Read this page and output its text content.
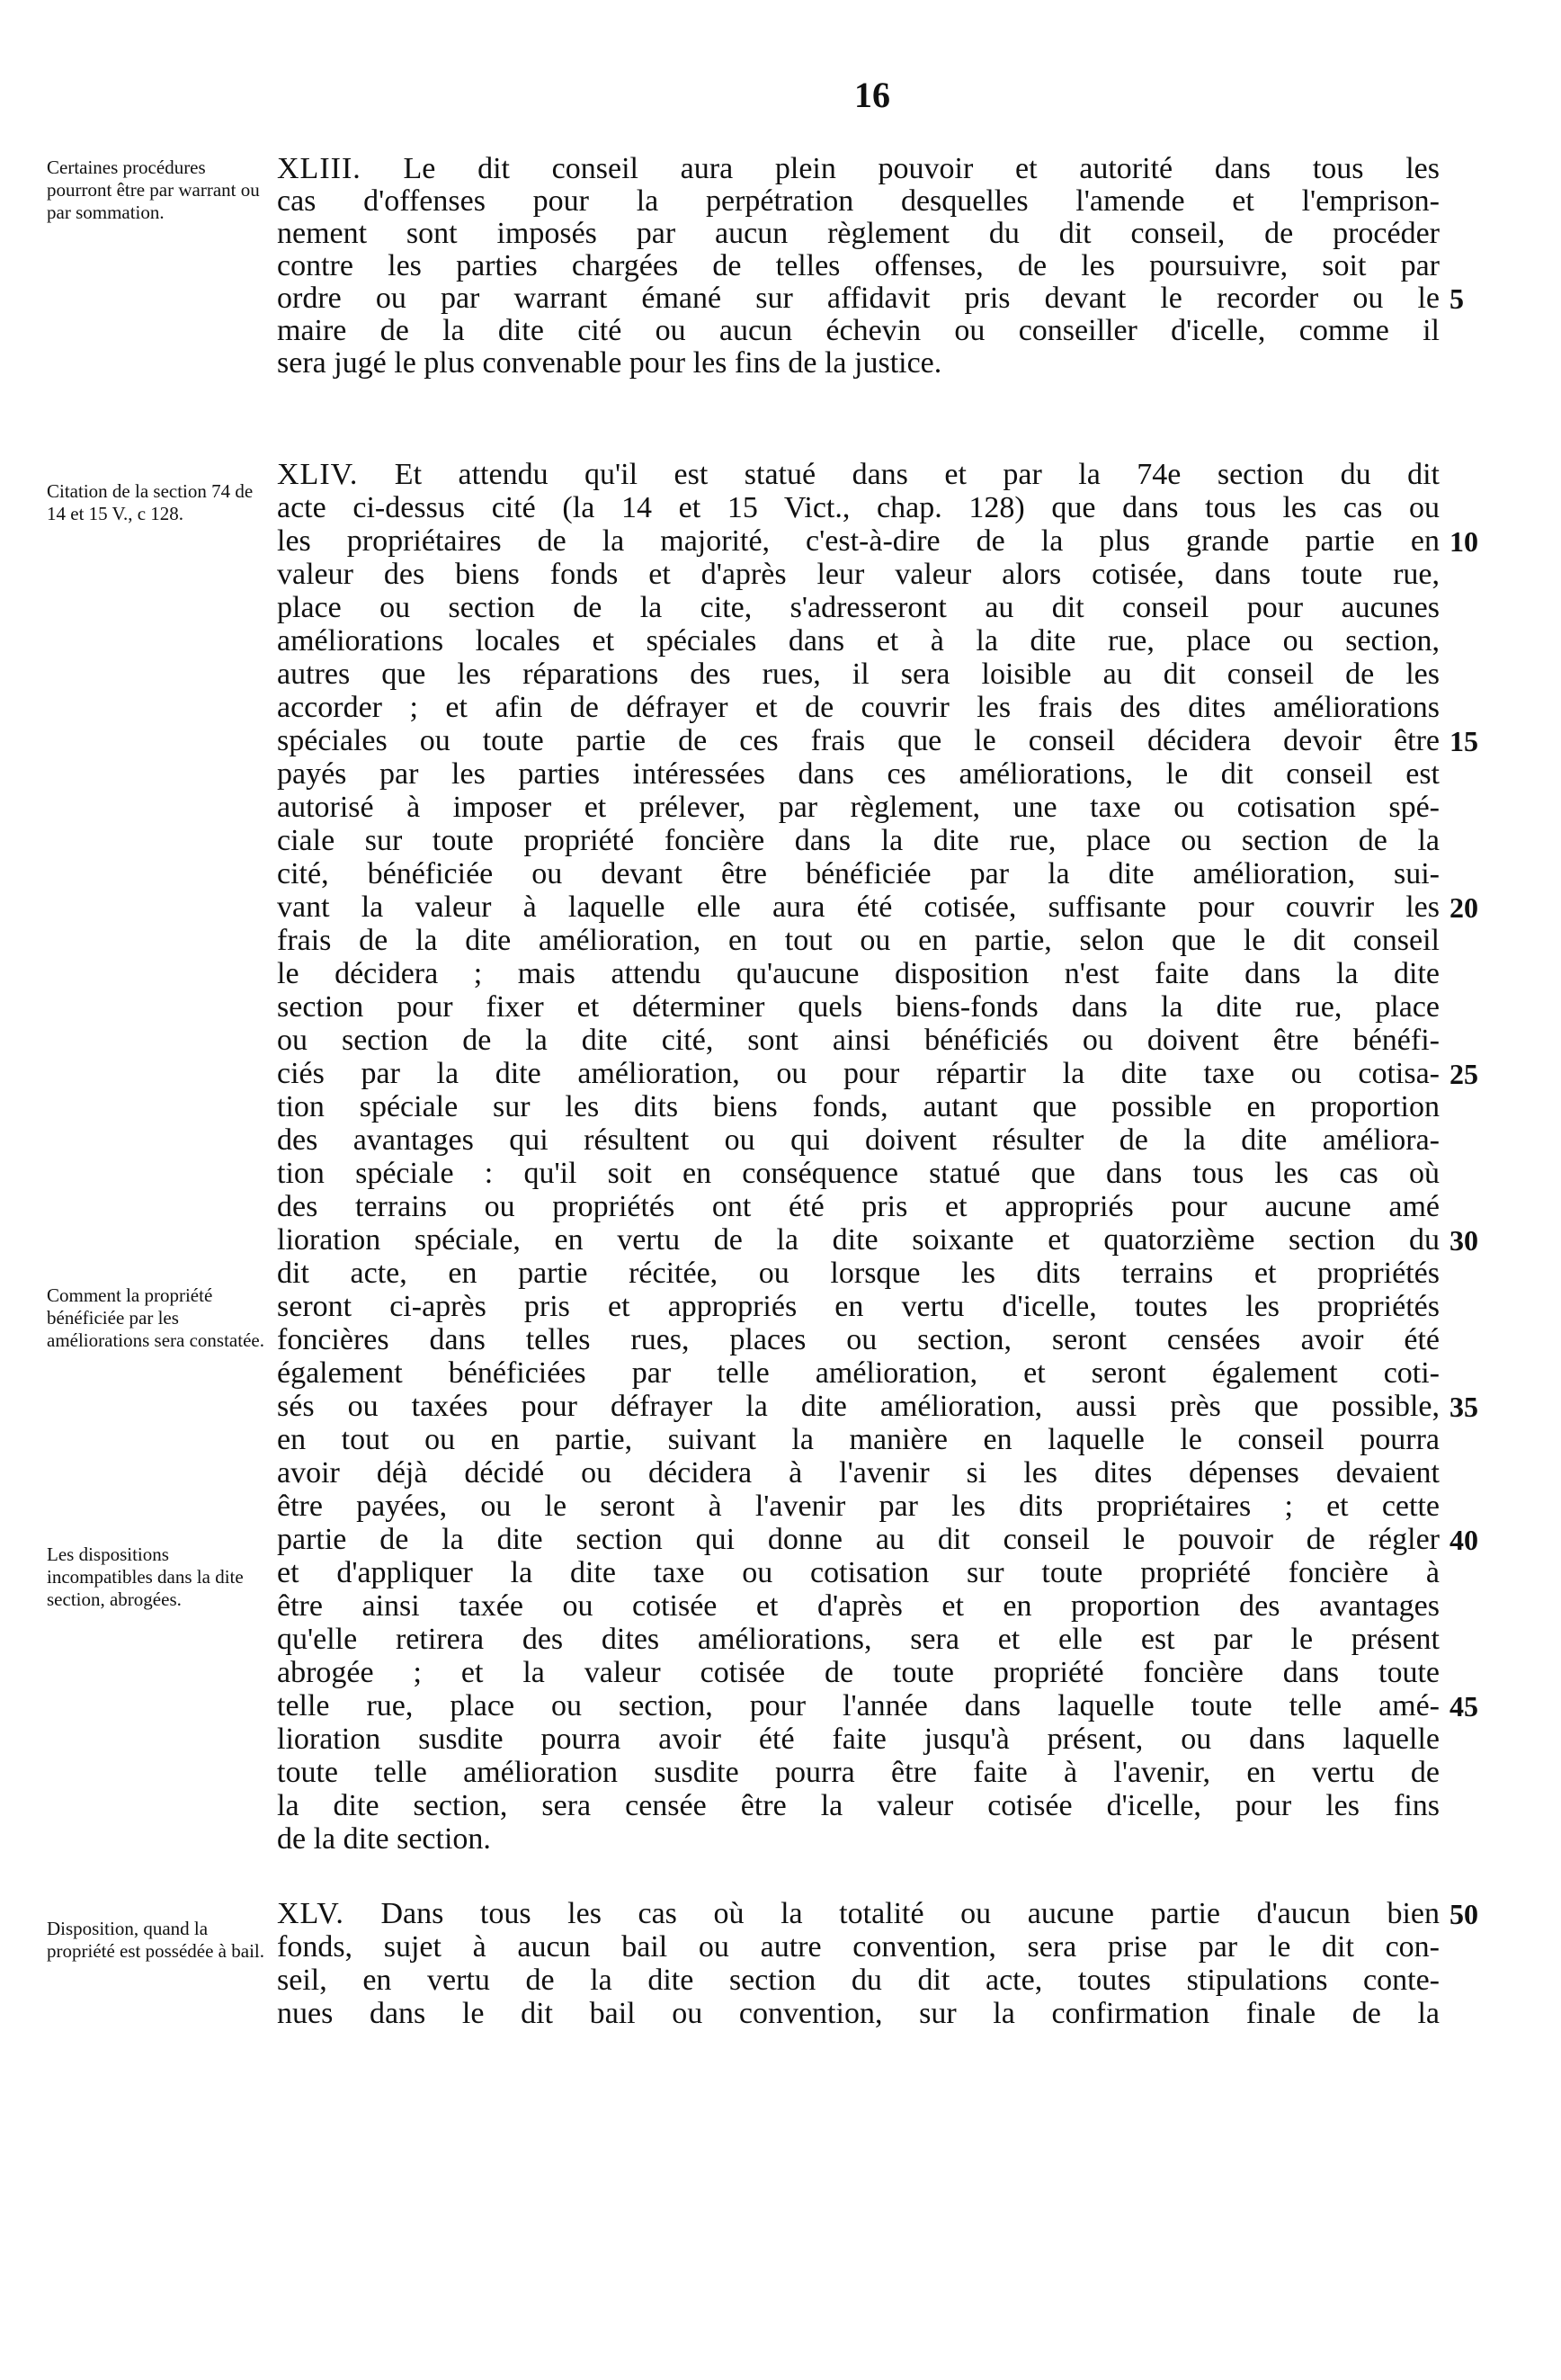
16
Certaines procédures pourront être par warrant ou par sommation.
XLIII. Le dit conseil aura plein pouvoir et autorité dans tous les
cas d'offenses pour la perpétration desquelles l'amende et l'emprison-
nement sont imposés par aucun règlement du dit conseil, de procéder
contre les parties chargées de telles offenses, de les poursuivre, soit par
ordre ou par warrant émané sur affidavit pris devant le recorder ou le
maire de la dite cité ou aucun échevin ou conseiller d'icelle, comme il
sera jugé le plus convenable pour les fins de la justice.
Citation de la section 74 de 14 et 15 V., c 128.
XLIV. Et attendu qu'il est statué dans et par la 74e section du dit
acte ci-dessus cité (la 14 et 15 Vict., chap. 128) que dans tous les cas ou
les propriétaires de la majorité, c'est-à-dire de la plus grande partie en
valeur des biens fonds et d'après leur valeur alors cotisée, dans toute rue,
place ou section de la cite, s'adresseront au dit conseil pour aucunes
améliorations locales et spéciales dans et à la dite rue, place ou section,
autres que les réparations des rues, il sera loisible au dit conseil de les
accorder ; et afin de défrayer et de couvrir les frais des dites améliorations
spéciales ou toute partie de ces frais que le conseil décidera devoir être
payés par les parties intéressées dans ces améliorations, le dit conseil est
autorisé à imposer et prélever, par règlement, une taxe ou cotisation spé-
ciale sur toute propriété foncière dans la dite rue, place ou section de la
cité, bénéficiée ou devant être bénéficiée par la dite amélioration, sui-
vant la valeur à laquelle elle aura été cotisée, suffisante pour couvrir les
frais de la dite amélioration, en tout ou en partie, selon que le dit conseil
le décidera ; mais attendu qu'aucune disposition n'est faite dans la dite
section pour fixer et déterminer quels biens-fonds dans la dite rue, place
ou section de la dite cité, sont ainsi bénéficiés ou doivent être bénéfi-
ciés par la dite amélioration, ou pour répartir la dite taxe ou cotisa-
tion spéciale sur les dits biens fonds, autant que possible en proportion
des avantages qui résultent ou qui doivent résulter de la dite améliora-
tion spéciale : qu'il soit en conséquence statué que dans tous les cas où
des terrains ou propriétés ont été pris et appropriés pour aucune amé
lioration spéciale, en vertu de la dite soixante et quatorzième section du
dit acte, en partie récitée, ou lorsque les dits terrains et propriétés
seront ci-après pris et appropriés en vertu d'icelle, toutes les propriétés
foncières dans telles rues, places ou section, seront censées avoir été
également bénéficiées par telle amélioration, et seront également coti-
sés ou taxées pour défrayer la dite amélioration, aussi près que possible,
en tout ou en partie, suivant la manière en laquelle le conseil pourra
avoir déjà décidé ou décidera à l'avenir si les dites dépenses devaient
être payées, ou le seront à l'avenir par les dits propriétaires ; et cette
partie de la dite section qui donne au dit conseil le pouvoir de régler
et d'appliquer la dite taxe ou cotisation sur toute propriété foncière à
être ainsi taxée ou cotisée et d'après et en proportion des avantages
qu'elle retirera des dites améliorations, sera et elle est par le présent
abrogée ; et la valeur cotisée de toute propriété foncière dans toute
telle rue, place ou section, pour l'année dans laquelle toute telle amé-
lioration susdite pourra avoir été faite jusqu'à présent, ou dans laquelle
toute telle amélioration susdite pourra être faite à l'avenir, en vertu de
la dite section, sera censée être la valeur cotisée d'icelle, pour les fins
de la dite section.
Comment la propriété bénéficiée par les améliorations sera constatée.
Les dispositions incompatibles dans la dite section, abrogées.
Disposition, quand la propriété est possédée à bail.
XLV. Dans tous les cas où la totalité ou aucune partie d'aucun bien
fonds, sujet à aucun bail ou autre convention, sera prise par le dit con-
seil, en vertu de la dite section du dit acte, toutes stipulations conte-
nues dans le dit bail ou convention, sur la confirmation finale de la
5
10
15
20
25
30
35
40
45
50
